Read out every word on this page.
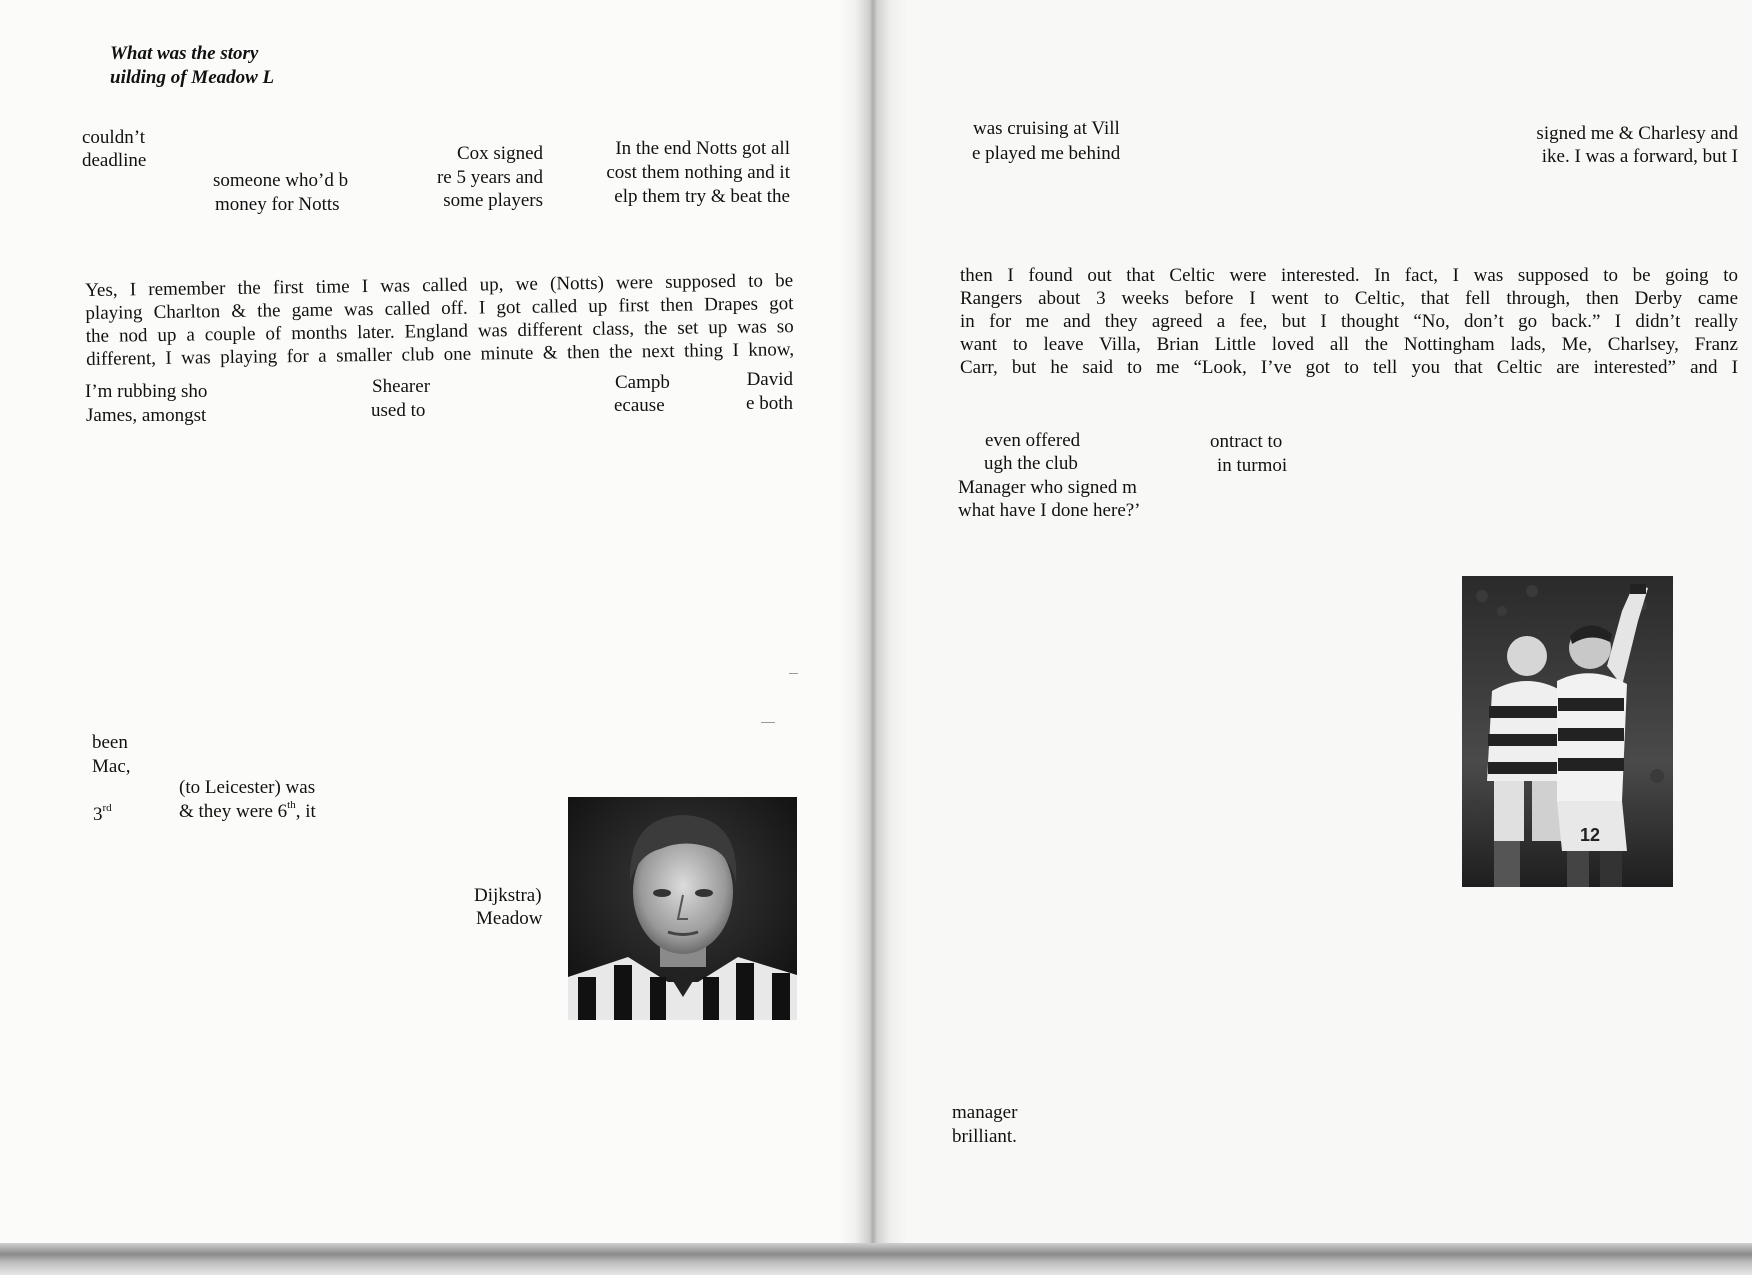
What was the story
uilding of Meadow L
couldn’t
deadline
someone who’d b
money for Notts
Cox signed
re 5 years and
some players
In the end Notts got all
cost them nothing and it
elp them try & beat the
Yes, I remember the first time I was called up, we (Notts) were supposed to be
playing Charlton & the game was called off. I got called up first then Drapes got
the nod up a couple of months later. England was different class, the set up was so
different, I was playing for a smaller club one minute & then the next thing I know,
I’m rubbing sho
James, amongst
Shearer
used to
Campb
ecause
David
e both
been
Mac,
3rd
(to Leicester) was
& they were 6th, it
Dijkstra)
Meadow
was cruising at Vill
e played me behind
signed me & Charlesy and
ike. I was a forward, but I
then I found out that Celtic were interested. In fact, I was supposed to be going to
Rangers about 3 weeks before I went to Celtic, that fell through, then Derby came
in for me and they agreed a fee, but I thought “No, don’t go back.” I didn’t really
want to leave Villa, Brian Little loved all the Nottingham lads, Me, Charlsey, Franz
Carr, but he said to me “Look, I’ve got to tell you that Celtic are interested” and I
even offered
ugh the club
Manager who signed m
what have I done here?’
ontract to
in turmoi
12
manager
brilliant.
